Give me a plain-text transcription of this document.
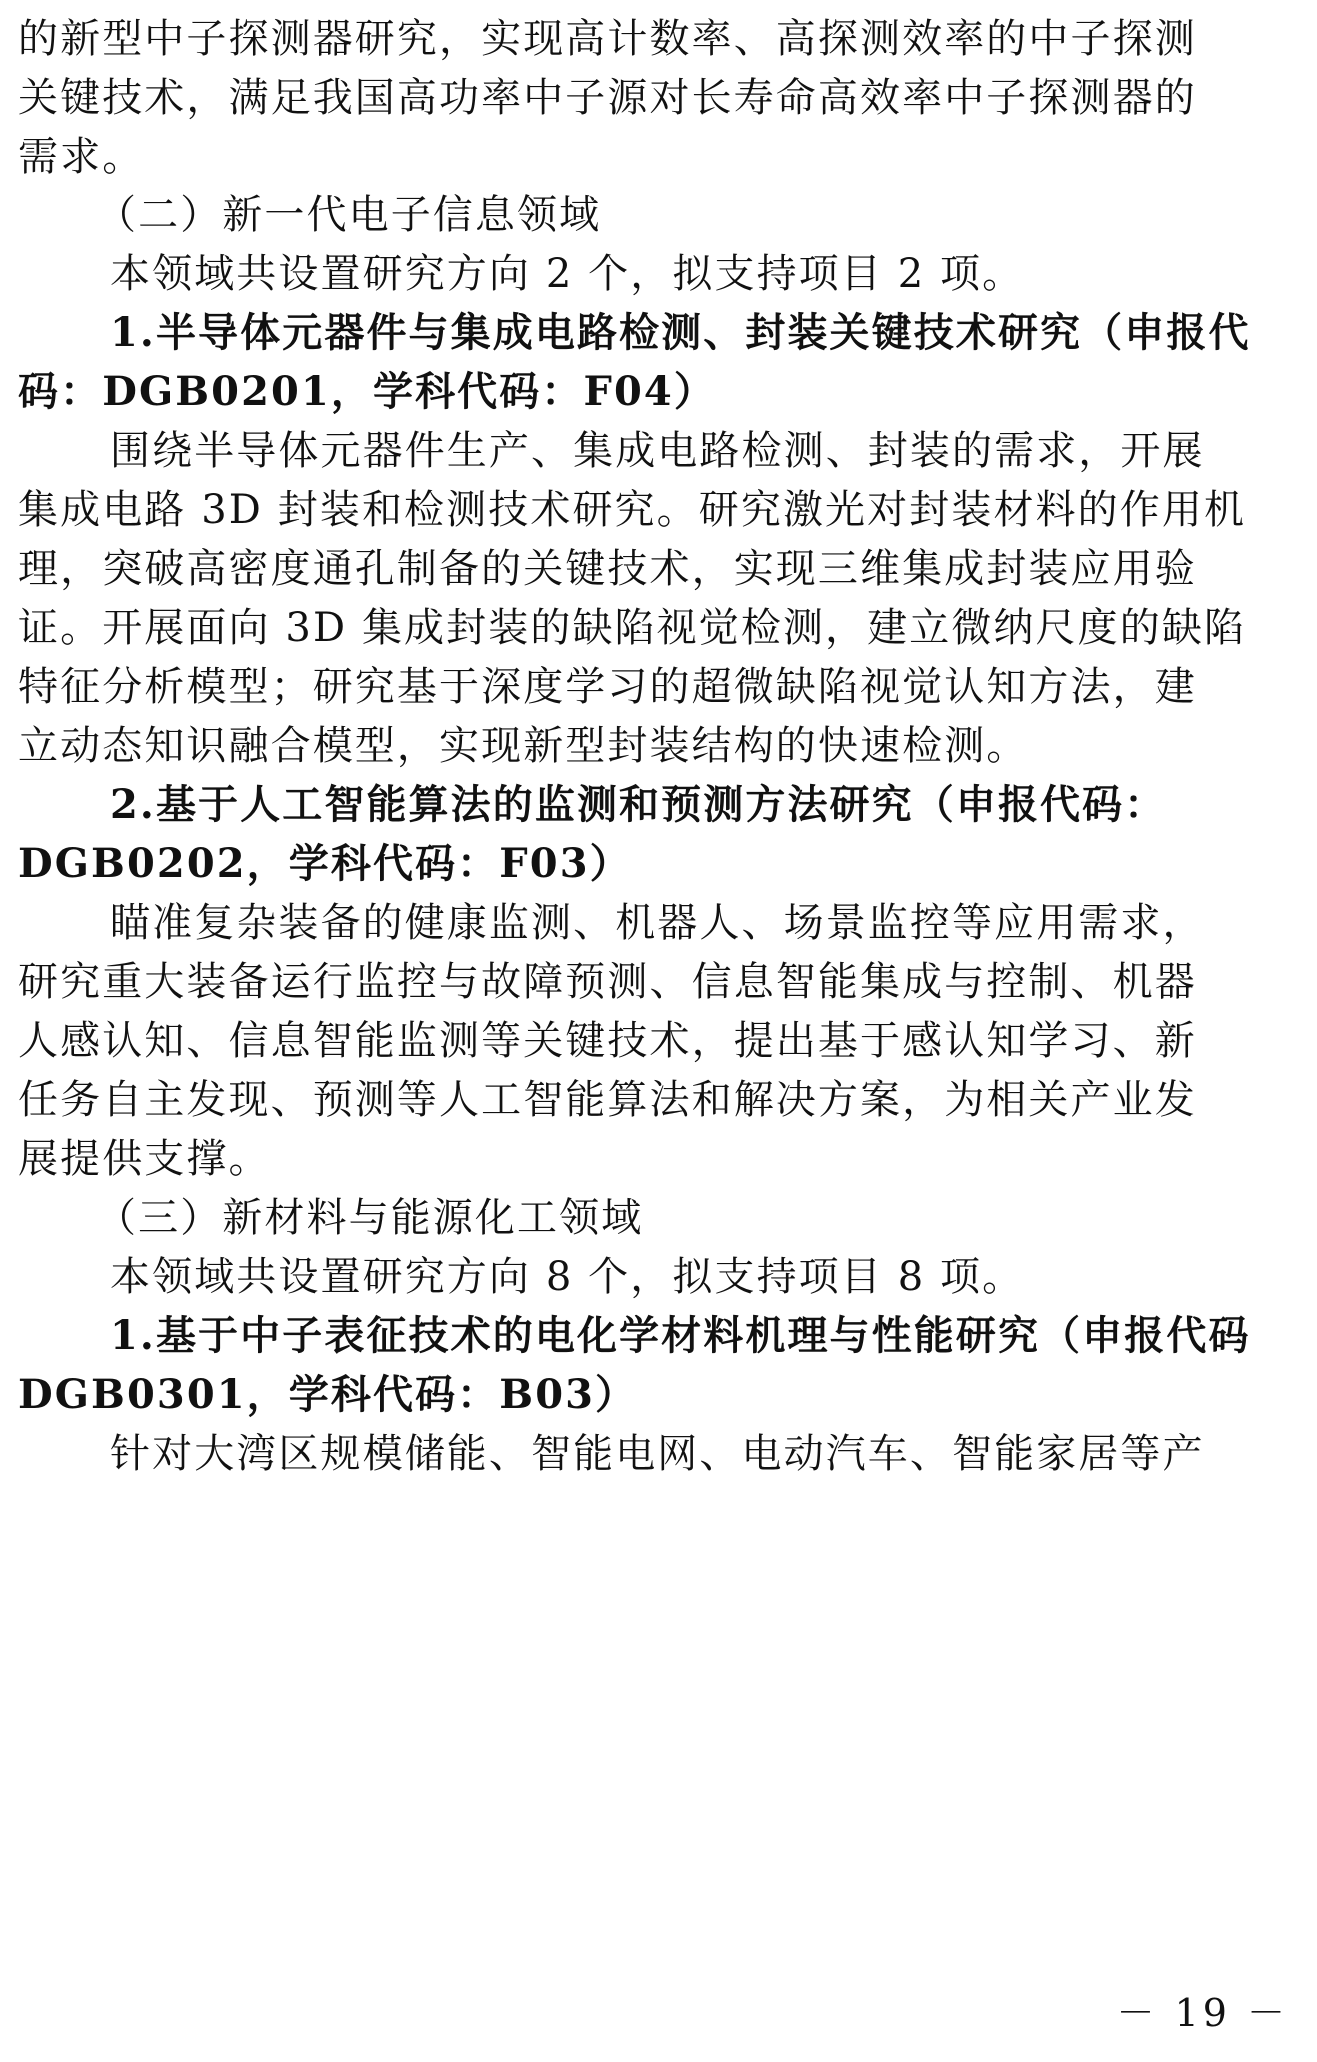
的新型中子探测器研究，实现高计数率、高探测效率的中子探测
关键技术，满足我国高功率中子源对长寿命高效率中子探测器的
需求。
（二）新一代电子信息领域
本领域共设置研究方向 2 个，拟支持项目 2 项。
1.半导体元器件与集成电路检测、封装关键技术研究（申报代
码：DGB0201，学科代码：F04）
围绕半导体元器件生产、集成电路检测、封装的需求，开展
集成电路 3D 封装和检测技术研究。研究激光对封装材料的作用机
理，突破高密度通孔制备的关键技术，实现三维集成封装应用验
证。开展面向 3D 集成封装的缺陷视觉检测，建立微纳尺度的缺陷
特征分析模型；研究基于深度学习的超微缺陷视觉认知方法，建
立动态知识融合模型，实现新型封装结构的快速检测。
2.基于人工智能算法的监测和预测方法研究（申报代码：
DGB0202，学科代码：F03）
瞄准复杂装备的健康监测、机器人、场景监控等应用需求，
研究重大装备运行监控与故障预测、信息智能集成与控制、机器
人感认知、信息智能监测等关键技术，提出基于感认知学习、新
任务自主发现、预测等人工智能算法和解决方案，为相关产业发
展提供支撑。
（三）新材料与能源化工领域
本领域共设置研究方向 8 个，拟支持项目 8 项。
1.基于中子表征技术的电化学材料机理与性能研究（申报代码
DGB0301，学科代码：B03）
针对大湾区规模储能、智能电网、电动汽车、智能家居等产
－ 19 －
